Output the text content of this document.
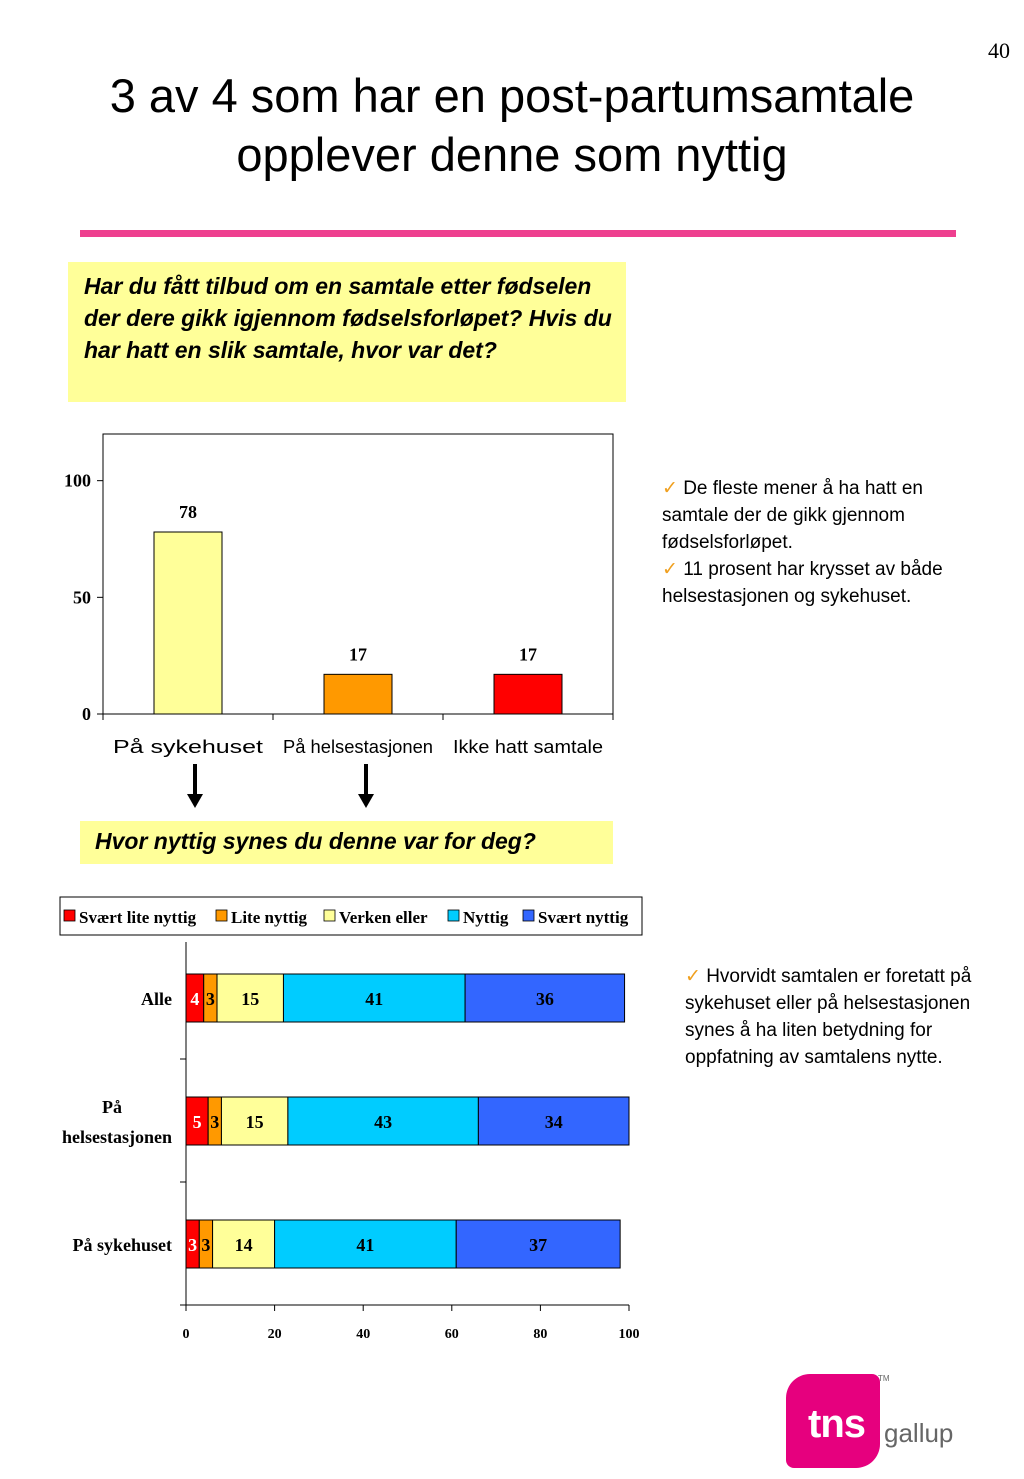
40
3 av 4 som har en post-partumsamtale
opplever denne som nyttig
Har du fått tilbud om en samtale etter fødselen der dere gikk igjennom fødselsforløpet? Hvis du har hatt en slik samtale, hvor var det?
✓ De fleste mener å ha hatt en samtale der de gikk gjennom fødselsforløpet.
✓ 11 prosent har krysset av både helsestasjonen og sykehuset.
Hvor nyttig synes du denne var for deg?
✓ Hvorvidt samtalen er foretatt på sykehuset eller på helsestasjonen synes å ha liten betydning for oppfatning av samtalens nytte.
0
50
100
78
På sykehuset
17
På helsestasjonen
17
Ikke hatt samtale
Svært lite nyttig Lite nyttig Verken eller Nyttig Svært nyttig
0	20	40	60	80	100
4 3 15	41	36
Alle
5 3 15	43	34
På
helsestasjonen
3 3 14	41	37
På sykehuset
tns
TM
gallup
